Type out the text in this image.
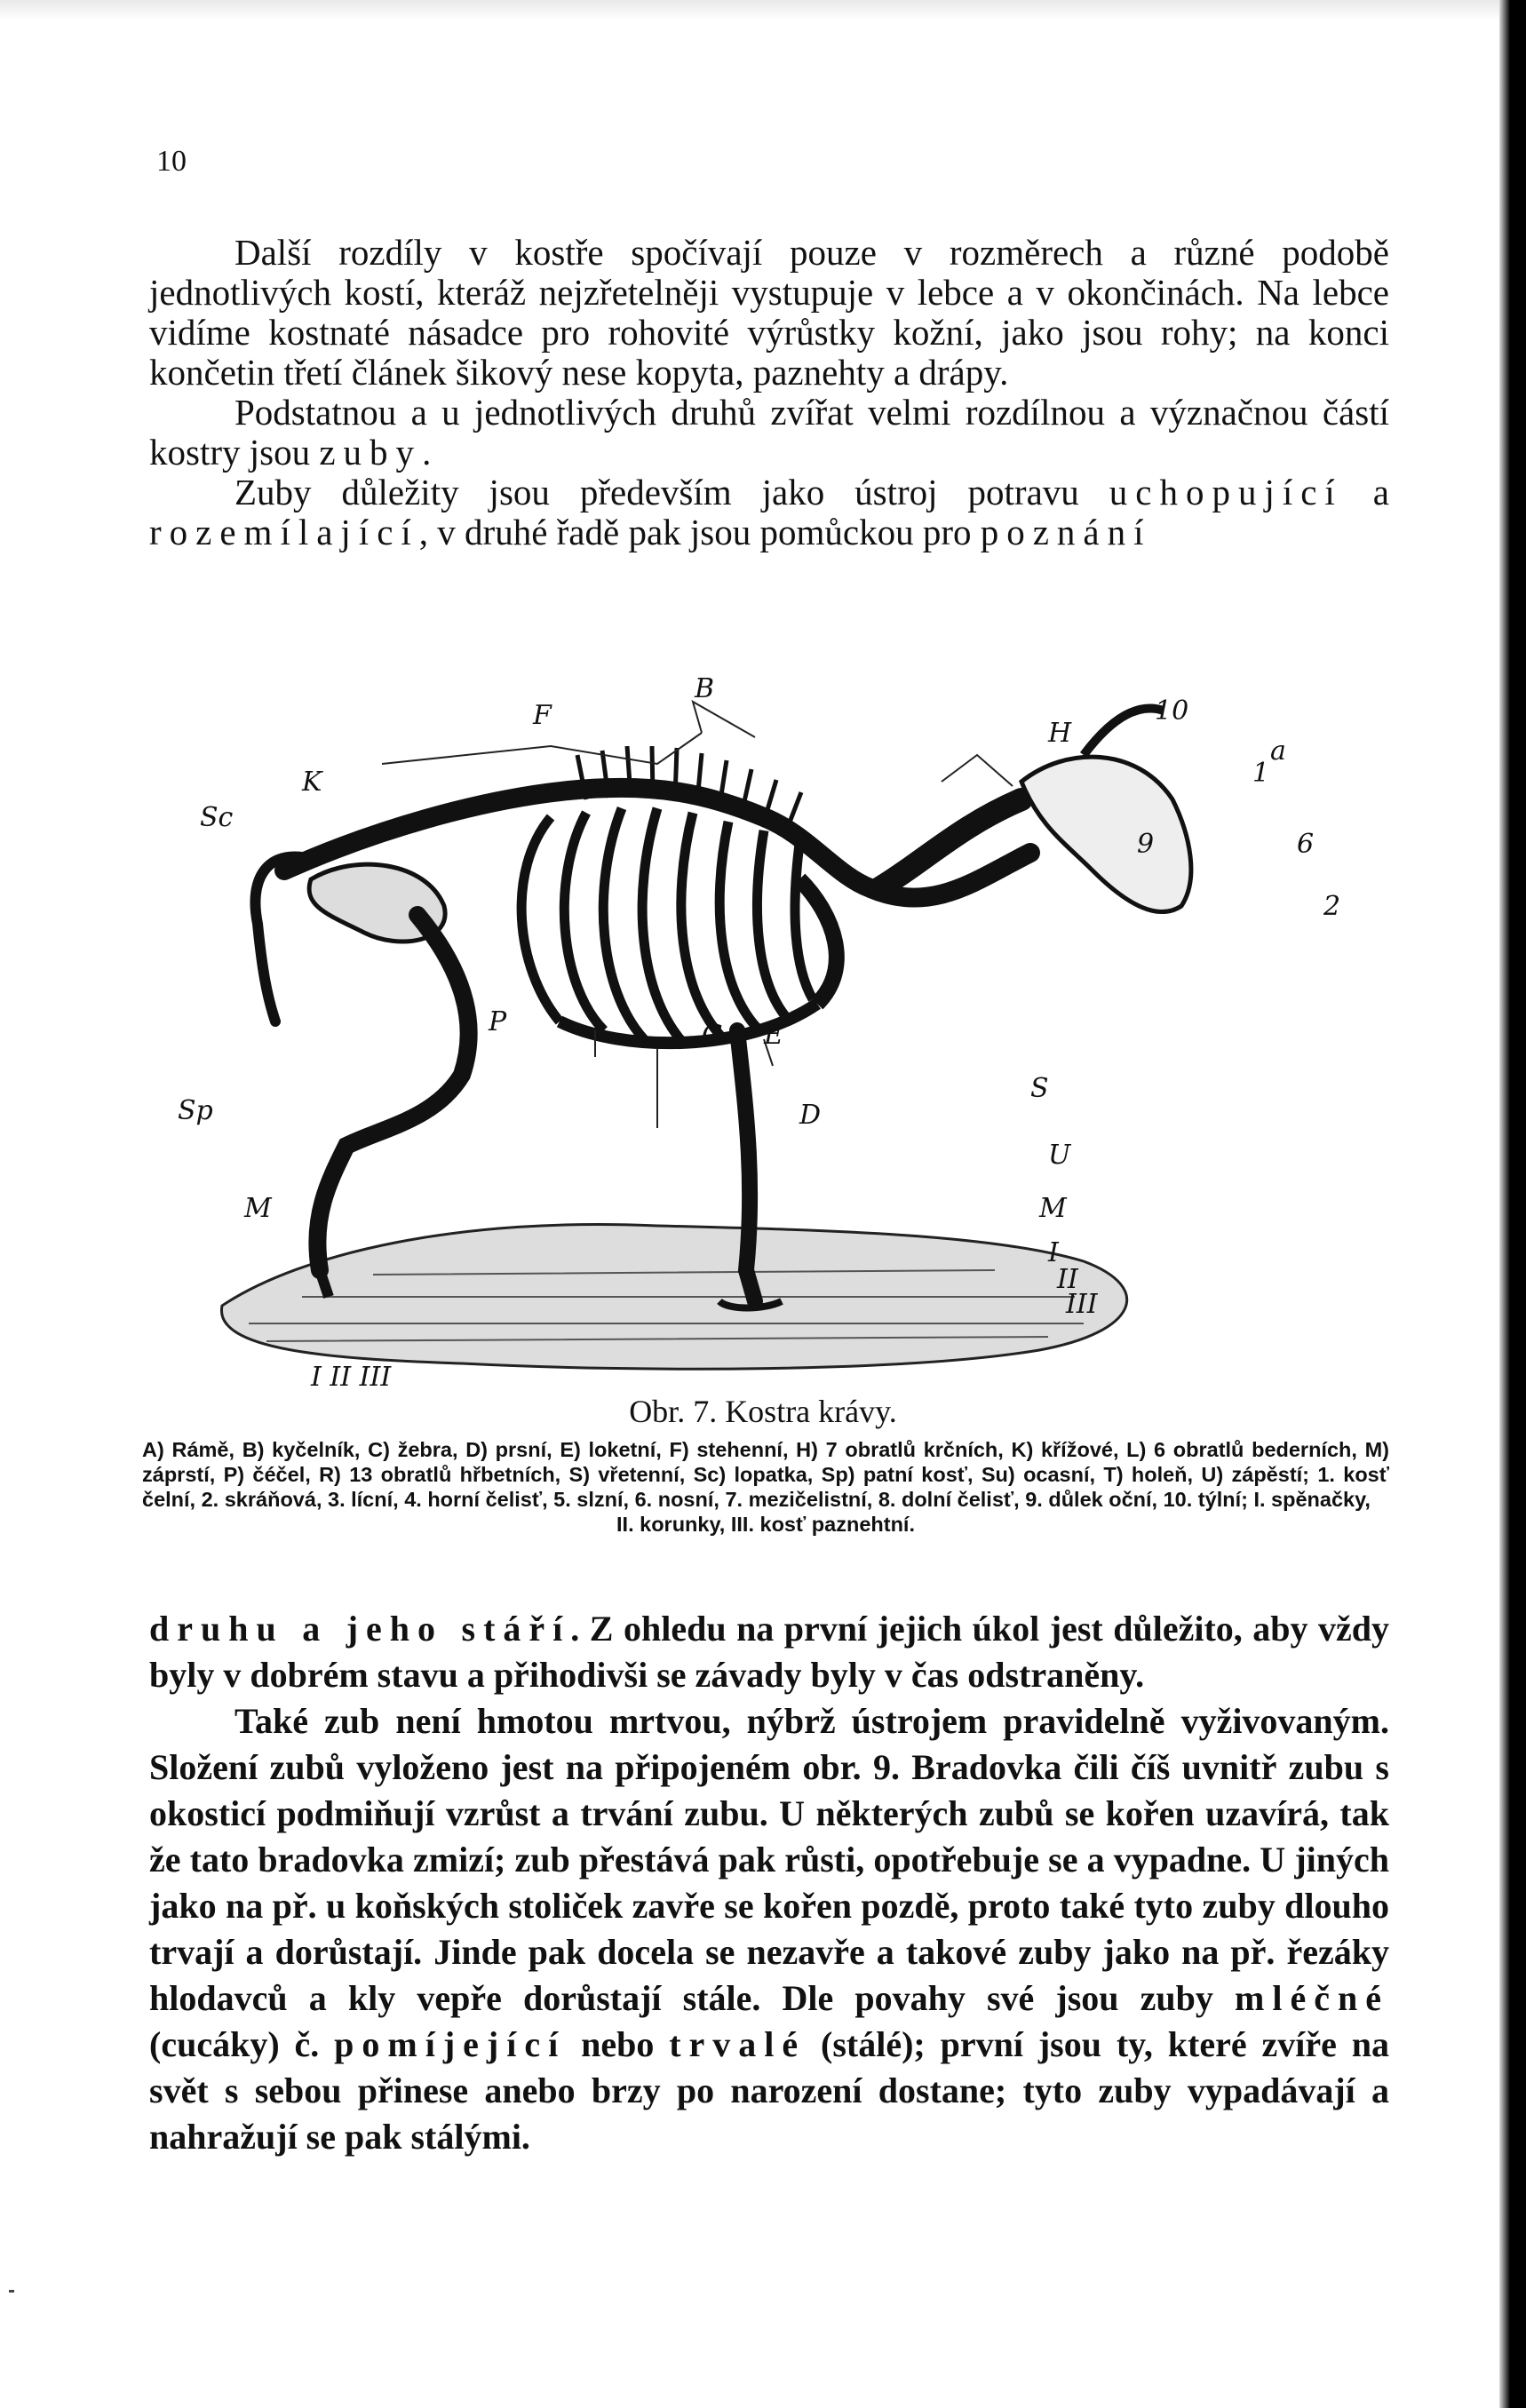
10

Další rozdíly v kostře spočívají pouze v rozměrech a různé podobě jednotlivých kostí, kteráž nejzřetelněji vystupuje v lebce a v okončinách. Na lebce vidíme kostnaté násadce pro rohovité výrůstky kožní, jako jsou rohy; na konci končetin třetí článek šikový nese kopyta, paznehty a drápy.

Podstatnou a u jednotlivých druhů zvířat velmi rozdílnou a význačnou částí kostry jsou zuby.

Zuby důležity jsou především jako ústroj potravu uchopující a rozemílající, v druhé řadě pak jsou pomůckou pro poznání

B
F
H
10
a
K
Sc
1
9	6
2
P	C E
S
Sp	D
U
M	M
I
II
III
I II III
Obr. 7. Kostra krávy.
A) Rámě, B) kyčelník, C) žebra, D) prsní, E) loketní, F) stehenní, H) 7 obratlů krčních, K) křížové, L) 6 obratlů bederních, M) záprstí, P) čéčel, R) 13 obratlů hřbetních, S) vřetenní, Sc) lopatka, Sp) patní kosť, Su) ocasní, T) holeň, U) zápěstí; 1. kosť čelní, 2. skráňová, 3. lícní, 4. horní čelisť, 5. slzní, 6. nosní, 7. mezičelistní, 8. dolní čelisť, 9. důlek oční, 10. týlní; I. spěnačky,
II. korunky, III. kosť paznehtní.

druhu a jeho stáří. Z ohledu na první jejich úkol jest důležito, aby vždy byly v dobrém stavu a přihodivši se závady byly v čas odstraněny.

Také zub není hmotou mrtvou, nýbrž ústrojem pravidelně vyživovaným. Složení zubů vyloženo jest na připojeném obr. 9. Bradovka čili číš uvnitř zubu s okosticí podmiňují vzrůst a trvání zubu. U některých zubů se kořen uzavírá, tak že tato bradovka zmizí; zub přestává pak růsti, opotřebuje se a vypadne. U jiných jako na př. u koňských stoliček zavře se kořen pozdě, proto také tyto zuby dlouho trvají a dorůstají. Jinde pak docela se nezavře a takové zuby jako na př. řezáky hlodavců a kly vepře dorůstají stále. Dle povahy své jsou zuby mléčné (cucáky) č. pomíjející nebo trvalé (stálé); první jsou ty, které zvíře na svět s sebou přinese anebo brzy po narození dostane; tyto zuby vypadávají a nahražují se pak stálými.
